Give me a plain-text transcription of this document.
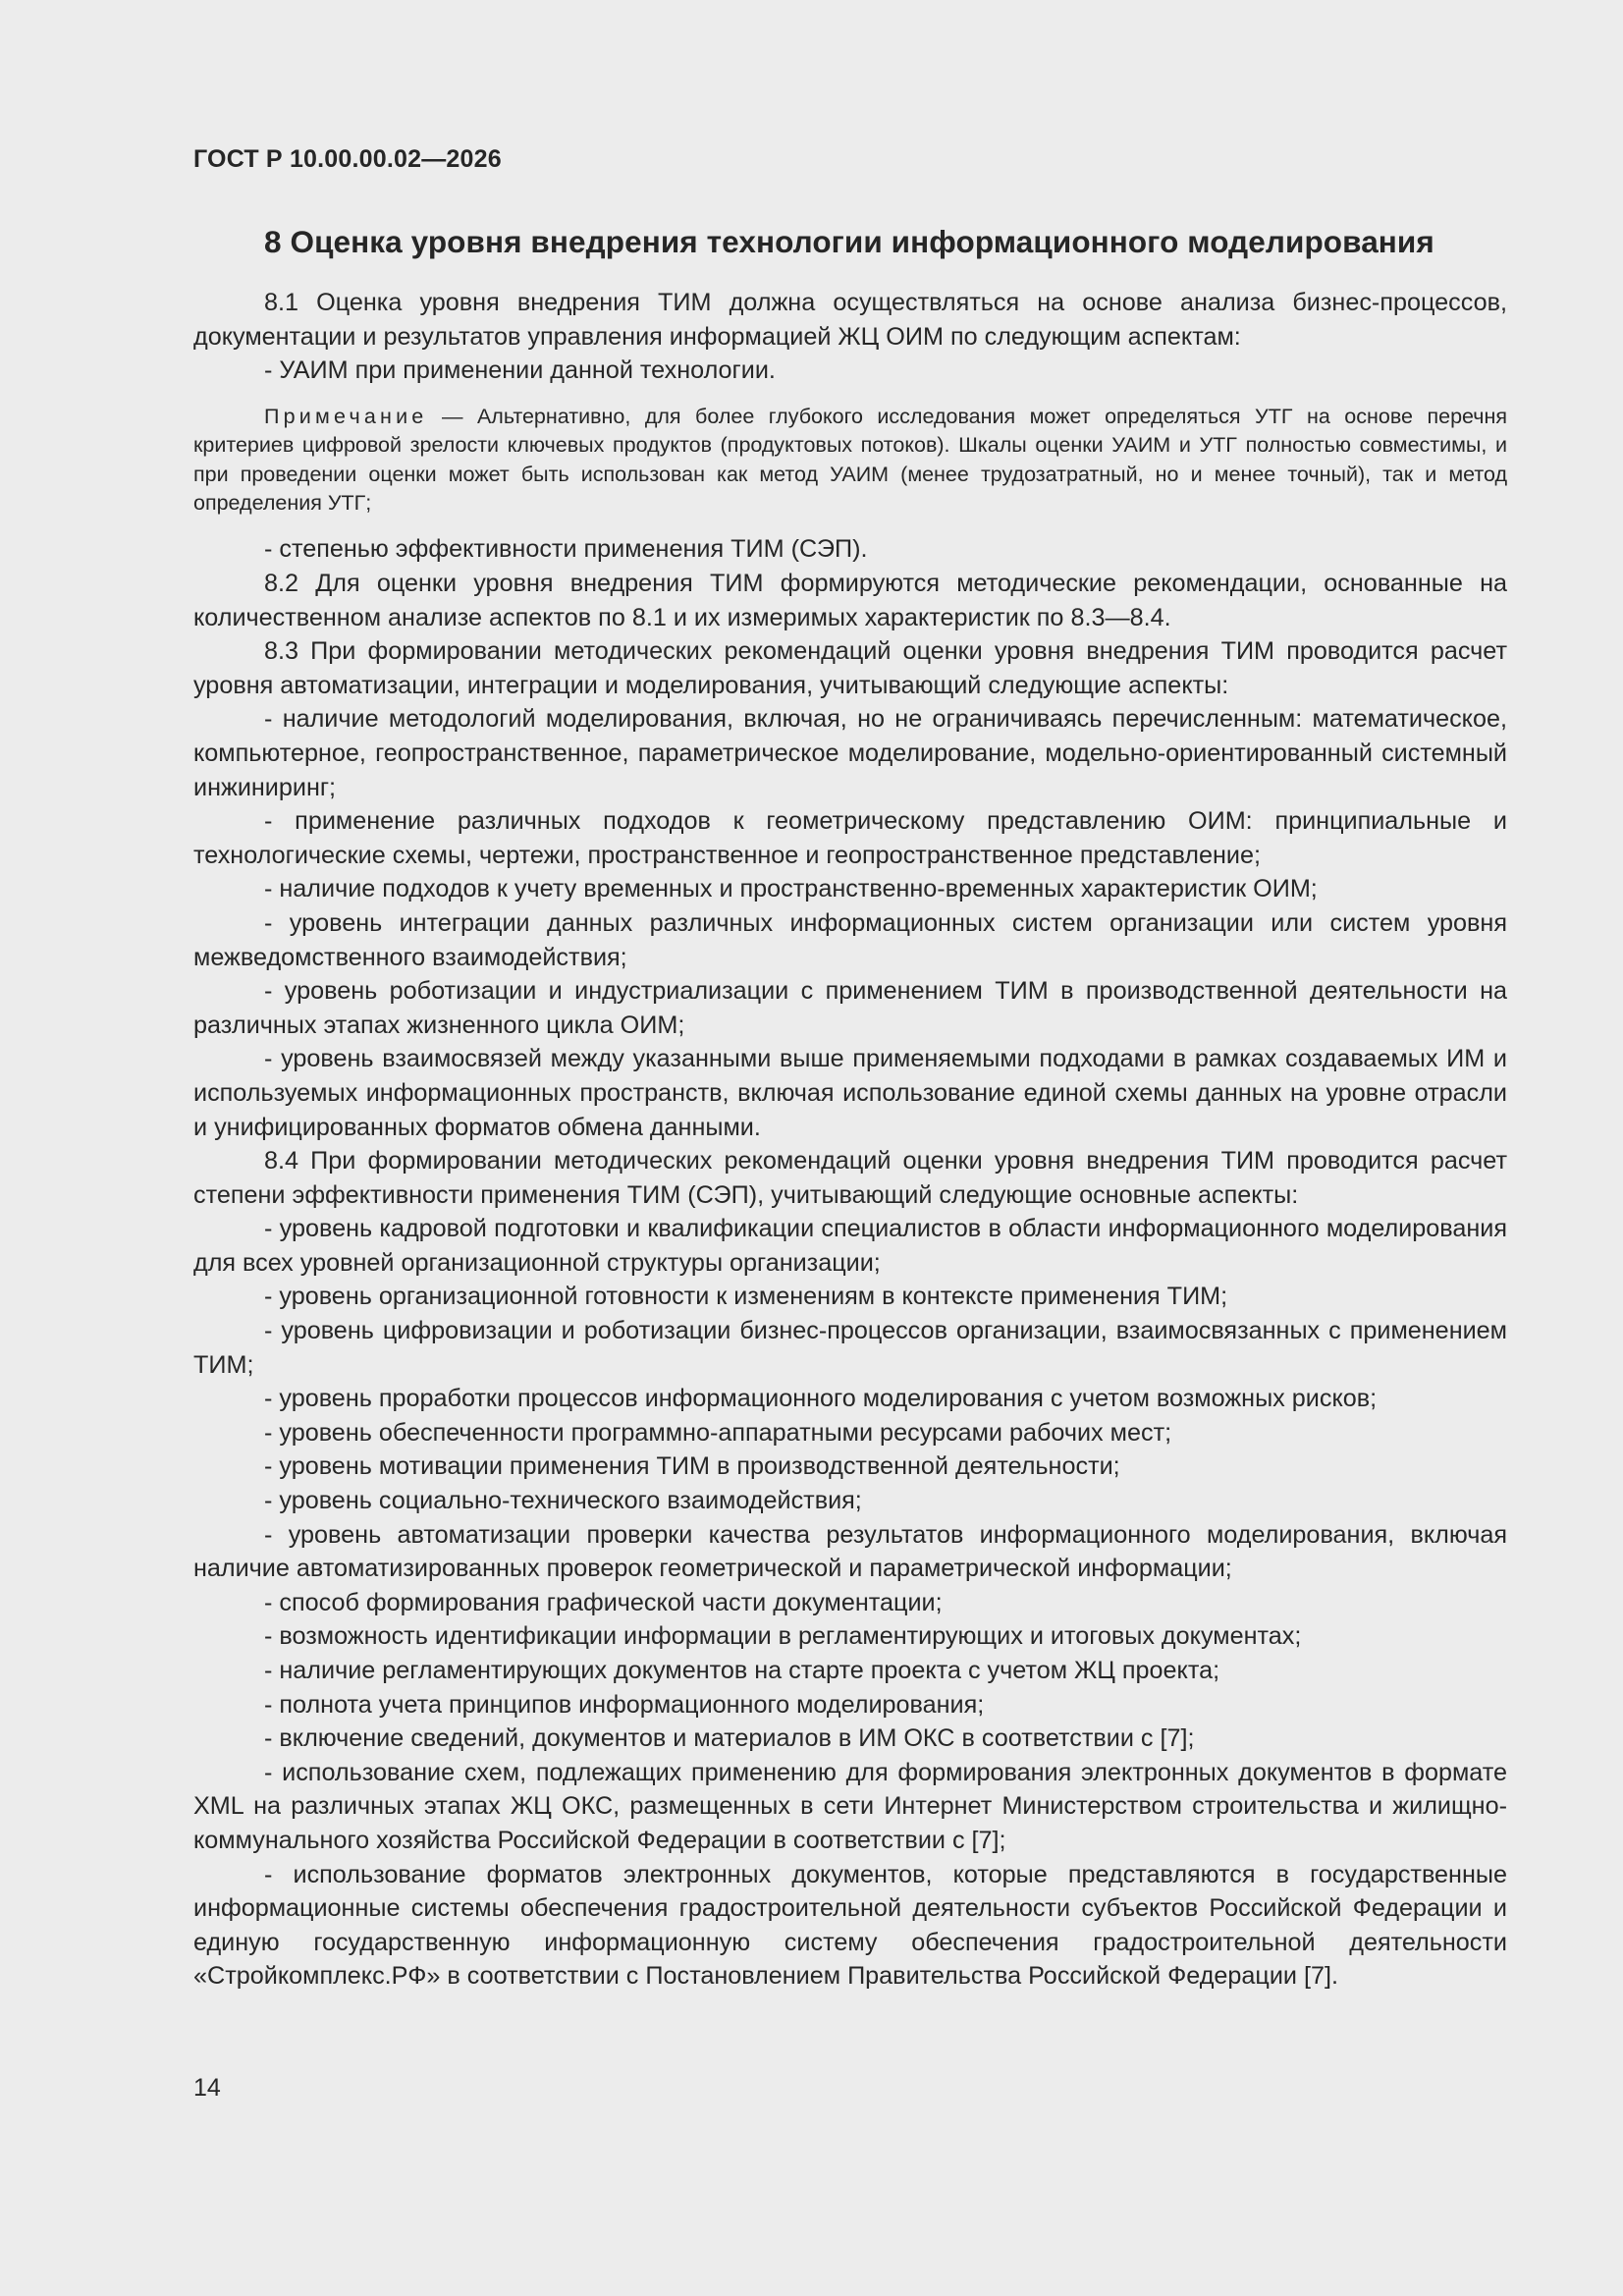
ГОСТ Р 10.00.00.02—2026
8 Оценка уровня внедрения технологии информационного моделирования

8.1 Оценка уровня внедрения ТИМ должна осуществляться на основе анализа бизнес-процессов, документации и результатов управления информацией ЖЦ ОИМ по следующим аспектам:

- УАИМ при применении данной технологии.

Примечание — Альтернативно, для более глубокого исследования может определяться УТГ на основе перечня критериев цифровой зрелости ключевых продуктов (продуктовых потоков). Шкалы оценки УАИМ и УТГ полностью совместимы, и при проведении оценки может быть использован как метод УАИМ (менее трудозатратный, но и менее точный), так и метод определения УТГ;

- степенью эффективности применения ТИМ (СЭП).

8.2 Для оценки уровня внедрения ТИМ формируются методические рекомендации, основанные на количественном анализе аспектов по 8.1 и их измеримых характеристик по 8.3—8.4.

8.3 При формировании методических рекомендаций оценки уровня внедрения ТИМ проводится расчет уровня автоматизации, интеграции и моделирования, учитывающий следующие аспекты:

- наличие методологий моделирования, включая, но не ограничиваясь перечисленным: математическое, компьютерное, геопространственное, параметрическое моделирование, модельно-ориентированный системный инжиниринг;

- применение различных подходов к геометрическому представлению ОИМ: принципиальные и технологические схемы, чертежи, пространственное и геопространственное представление;

- наличие подходов к учету временных и пространственно-временных характеристик ОИМ;

- уровень интеграции данных различных информационных систем организации или систем уровня межведомственного взаимодействия;

- уровень роботизации и индустриализации с применением ТИМ в производственной деятельности на различных этапах жизненного цикла ОИМ;

- уровень взаимосвязей между указанными выше применяемыми подходами в рамках создаваемых ИМ и используемых информационных пространств, включая использование единой схемы данных на уровне отрасли и унифицированных форматов обмена данными.

8.4 При формировании методических рекомендаций оценки уровня внедрения ТИМ проводится расчет степени эффективности применения ТИМ (СЭП), учитывающий следующие основные аспекты:

- уровень кадровой подготовки и квалификации специалистов в области информационного моделирования для всех уровней организационной структуры организации;

- уровень организационной готовности к изменениям в контексте применения ТИМ;

- уровень цифровизации и роботизации бизнес-процессов организации, взаимосвязанных с применением ТИМ;

- уровень проработки процессов информационного моделирования с учетом возможных рисков;

- уровень обеспеченности программно-аппаратными ресурсами рабочих мест;

- уровень мотивации применения ТИМ в производственной деятельности;

- уровень социально-технического взаимодействия;

- уровень автоматизации проверки качества результатов информационного моделирования, включая наличие автоматизированных проверок геометрической и параметрической информации;

- способ формирования графической части документации;

- возможность идентификации информации в регламентирующих и итоговых документах;

- наличие регламентирующих документов на старте проекта с учетом ЖЦ проекта;

- полнота учета принципов информационного моделирования;

- включение сведений, документов и материалов в ИМ ОКС в соответствии с [7];

- использование схем, подлежащих применению для формирования электронных документов в формате XML на различных этапах ЖЦ ОКС, размещенных в сети Интернет Министерством строительства и жилищно-коммунального хозяйства Российской Федерации в соответствии с [7];

- использование форматов электронных документов, которые представляются в государственные информационные системы обеспечения градостроительной деятельности субъектов Российской Федерации и единую государственную информационную систему обеспечения градостроительной деятельности «Стройкомплекс.РФ» в соответствии с Постановлением Правительства Российской Федерации [7].

14
